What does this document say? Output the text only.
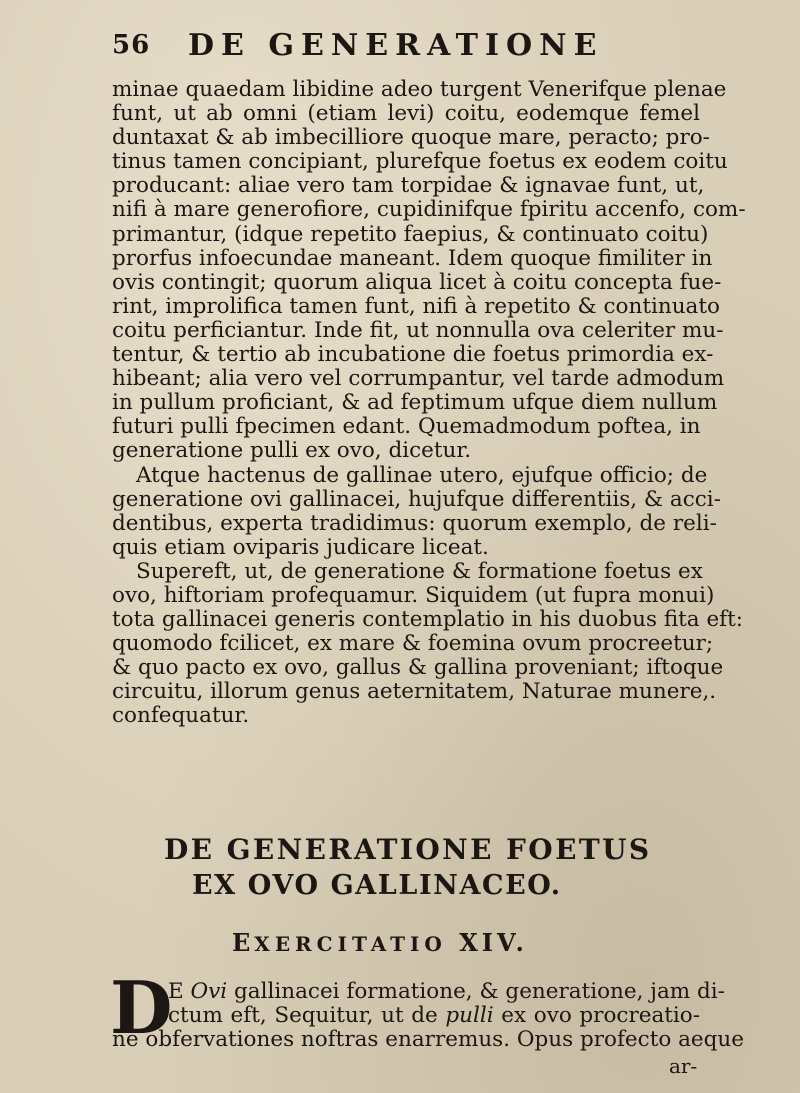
56 DE GENERATIONE
minae quaedam libidine adeo turgent Venerifque plenae
funt, ut ab omni (etiam levi) coitu, eodemque femel
duntaxat & ab imbecilliore quoque mare, peracto; pro-
tinus tamen concipiant, plurefque foetus ex eodem coitu
producant: aliae vero tam torpidae & ignavae funt, ut,
nifi à mare generofiore, cupidinifque fpiritu accenfo, com-
primantur, (idque repetito faepius, & continuato coitu)
prorfus infoecundae maneant. Idem quoque fimiliter in
ovis contingit; quorum aliqua licet à coitu concepta fue-
rint, improlifica tamen funt, nifi à repetito & continuato
coitu perficiantur. Inde fit, ut nonnulla ova celeriter mu-
tentur, & tertio ab incubatione die foetus primordia ex-
hibeant; alia vero vel corrumpantur, vel tarde admodum
in pullum proficiant, & ad feptimum ufque diem nullum
futuri pulli fpecimen edant. Quemadmodum poftea, in
generatione pulli ex ovo, dicetur.
Atque hactenus de gallinae utero, ejufque officio; de
generatione ovi gallinacei, hujufque differentiis, & acci-
dentibus, experta tradidimus: quorum exemplo, de reli-
quis etiam oviparis judicare liceat.
Supereft, ut, de generatione & formatione foetus ex
ovo, hiftoriam profequamur. Siquidem (ut fupra monui)
tota gallinacei generis contemplatio in his duobus fita eft:
quomodo fcilicet, ex mare & foemina ovum procreetur;
& quo pacto ex ovo, gallus & gallina proveniant; iftoque
circuitu, illorum genus aeternitatem, Naturae munere,.
confequatur.
DE GENERATIONE FOETUS
EX OVO GALLINACEO.
EXERCITATIO XIV.
D
E Ovi gallinacei formatione, & generatione, jam di-
ctum eft, Sequitur, ut de pulli ex ovo procreatio-
ne obfervationes noftras enarremus. Opus profecto aeque
ar-
